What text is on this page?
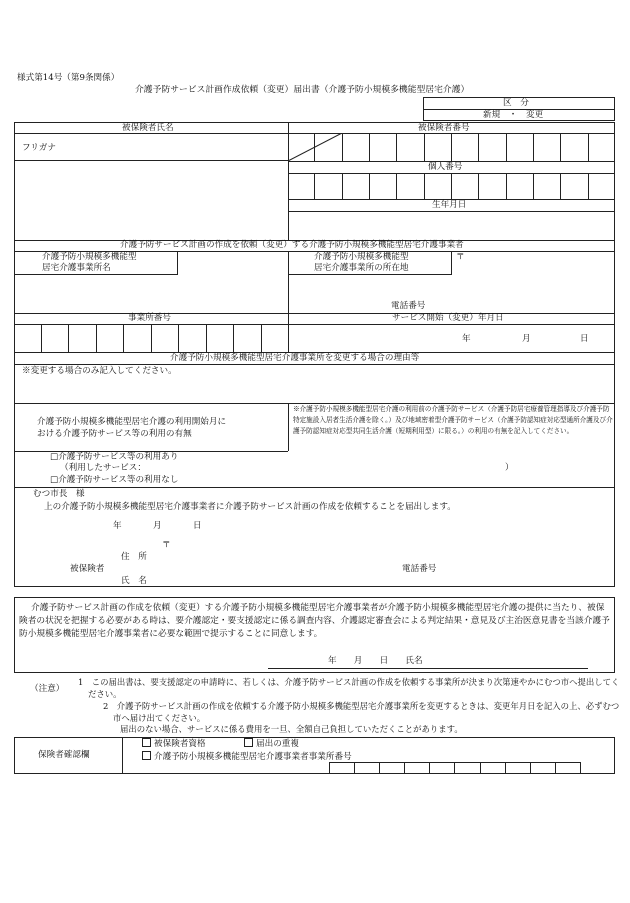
様式第14号（第9条関係）
介護予防サービス計画作成依頼（変更）届出書（介護予防小規模多機能型居宅介護）
区　分
新規　・　変更
被保険者氏名	被保険者番号
フリガナ
個人番号
生年月日
介護予防サービス計画の作成を依頼（変更）する介護予防小規模多機能型居宅介護事業者
介護予防小規模多機能型
居宅介護事業所名
介護予防小規模多機能型
居宅介護事業所の所在地
〒
電話番号
事業所番号	サービス開始（変更）年月日
年	月	日
介護予防小規模多機能型居宅介護事業所を変更する場合の理由等
※変更する場合のみ記入してください。
介護予防小規模多機能型居宅介護の利用開始月に
おける介護予防サービス等の利用の有無
※介護予防小規模多機能型居宅介護の利用前の介護予防サービス（介護予防居宅療養管理指導及び介護予防特定施設入居者生活介護を除く。）及び地域密着型介護予防サービス（介護予防認知症対応型通所介護及び介護予防認知症対応型共同生活介護（短期利用型）に限る。）の利用の有無を記入してください。
□介護予防サービス等の利用あり
（利用したサービス：	）
□介護予防サービス等の利用なし
むつ市長　様
上の介護予防小規模多機能型居宅介護事業者に介護予防サービス計画の作成を依頼することを届出します。
年	月	日
〒
住　所
被保険者
氏　名
電話番号
介護予防サービス計画の作成を依頼（変更）する介護予防小規模多機能型居宅介護事業者が介護予防小規模多機能型居宅介護の提供に当たり、被保険者の状況を把握する必要がある時は、要介護認定・要支援認定に係る調査内容、介護認定審査会による判定結果・意見及び主治医意見書を当該介護予防小規模多機能型居宅介護事業者に必要な範囲で提示することに同意します。
年　　月　　日　　氏名
（注意）
1　この届出書は、要支援認定の申請時に、若しくは、介護予防サービス計画の作成を依頼する事業所が決まり次第速やかにむつ市へ提出してください。
2　介護予防サービス計画の作成を依頼する介護予防小規模多機能型居宅介護事業所を変更するときは、変更年月日を記入の上、必ずむつ市へ届け出てください。
届出のない場合、サービスに係る費用を一旦、全額自己負担していただくことがあります。
保険者確認欄
被保険者資格	届出の重複
介護予防小規模多機能型居宅介護事業者事業所番号
